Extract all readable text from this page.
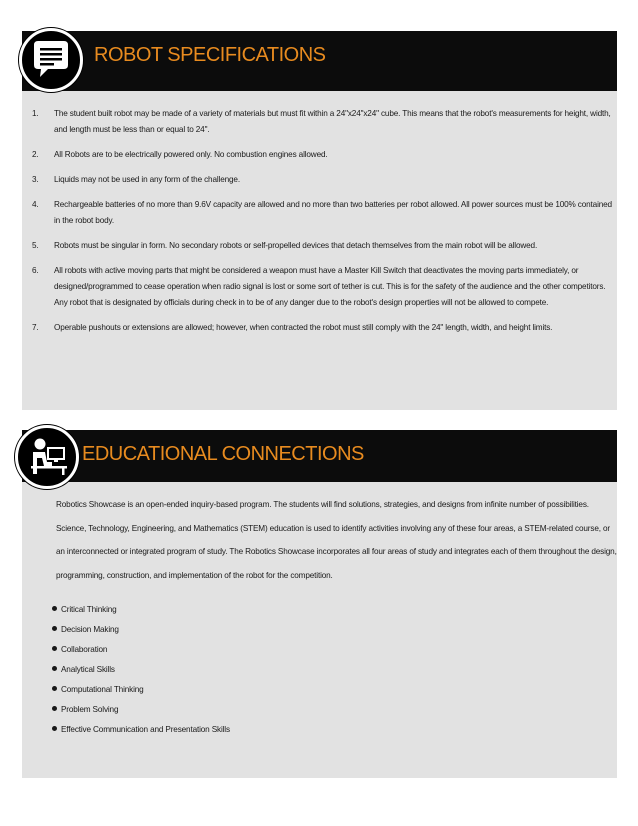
ROBOT SPECIFICATIONS
1. The student built robot may be made of a variety of materials but must fit within a 24"x24"x24" cube. This means that the robot's measurements for height, width, and length must be less than or equal to 24".
2. All Robots are to be electrically powered only. No combustion engines allowed.
3. Liquids may not be used in any form of the challenge.
4. Rechargeable batteries of no more than 9.6V capacity are allowed and no more than two batteries per robot allowed. All power sources must be 100% contained in the robot body.
5. Robots must be singular in form. No secondary robots or self-propelled devices that detach themselves from the main robot will be allowed.
6. All robots with active moving parts that might be considered a weapon must have a Master Kill Switch that deactivates the moving parts immediately, or designed/programmed to cease operation when radio signal is lost or some sort of tether is cut. This is for the safety of the audience and the other competitors. Any robot that is designated by officials during check in to be of any danger due to the robot's design properties will not be allowed to compete.
7. Operable pushouts or extensions are allowed; however, when contracted the robot must still comply with the 24" length, width, and height limits.
EDUCATIONAL CONNECTIONS

Robotics Showcase is an open-ended inquiry-based program. The students will find solutions, strategies, and designs from infinite number of possibilities. Science, Technology, Engineering, and Mathematics (STEM) education is used to identify activities involving any of these four areas, a STEM-related course, or an interconnected or integrated program of study. The Robotics Showcase incorporates all four areas of study and integrates each of them throughout the design, programming, construction, and implementation of the robot for the competition.

Critical Thinking
Decision Making
Collaboration
Analytical Skills
Computational Thinking
Problem Solving
Effective Communication and Presentation Skills
